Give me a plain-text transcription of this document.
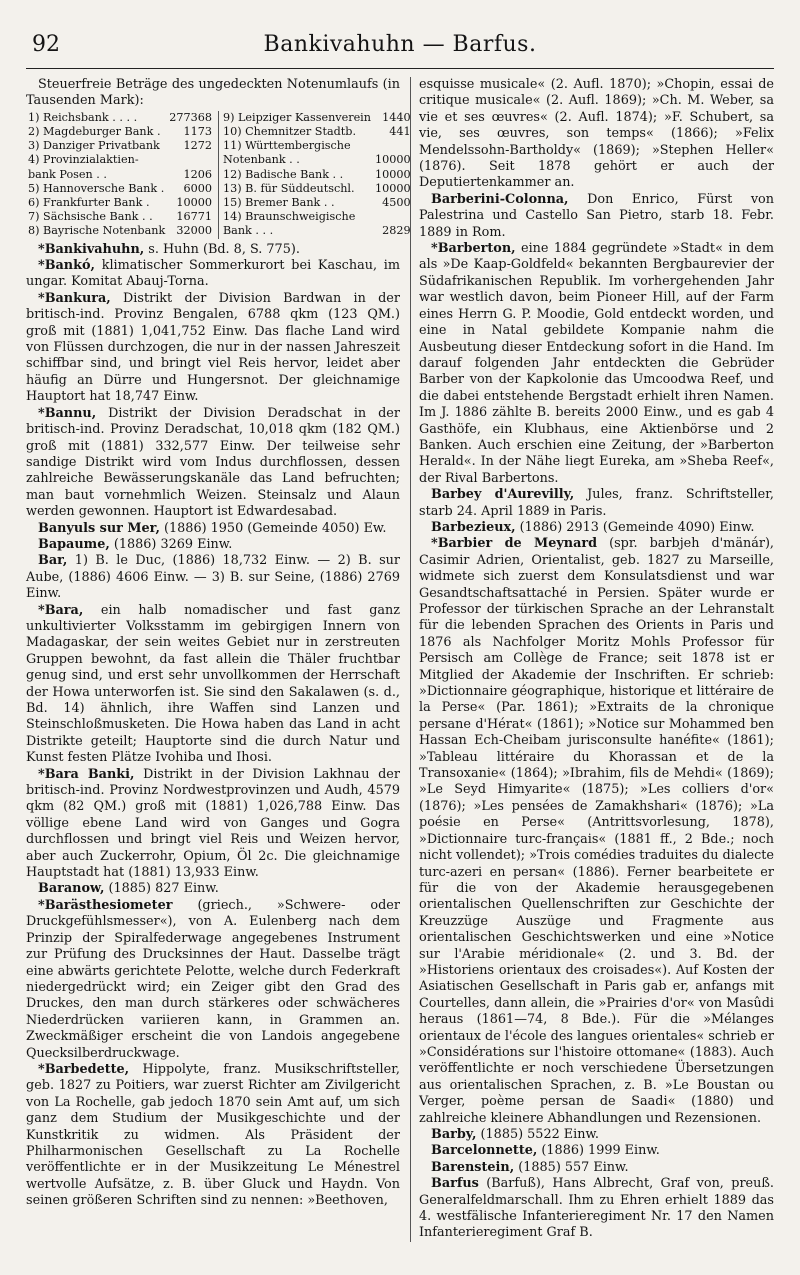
92	Bankivahuhn — Barfus.

Steuerfreie Beträge des ungedeckten Notenumlaufs (in Tausenden Mark):

1) Reichsbank . . . .	277368	9) Leipziger Kassenverein	1440
2) Magdeburger Bank .	1173	10) Chemnitzer Stadtb.	441
3) Danziger Privatbank	1272	11) Württembergische	
4) Provinzialaktien-		Notenbank . .	10000
bank Posen . .	1206	12) Badische Bank . .	10000
5) Hannoversche Bank .	6000	13) B. für Süddeutschl.	10000
6) Frankfurter Bank .	10000	15) Bremer Bank . .	4500
7) Sächsische Bank . .	16771	14) Braunschweigische	
8) Bayrische Notenbank	32000	Bank . . .	2829

*Bankivahuhn, s. Huhn (Bd. 8, S. 775).

*Bankó, klimatischer Sommerkurort bei Kaschau, im ungar. Komitat Abauj-Torna.

*Bankura, Distrikt der Division Bardwan in der britisch-ind. Provinz Bengalen, 6788 qkm (123 QM.) groß mit (1881) 1,041,752 Einw. Das flache Land wird von Flüssen durchzogen, die nur in der nassen Jahreszeit schiffbar sind, und bringt viel Reis hervor, leidet aber häufig an Dürre und Hungersnot. Der gleichnamige Hauptort hat 18,747 Einw.

*Bannu, Distrikt der Division Deradschat in der britisch-ind. Provinz Deradschat, 10,018 qkm (182 QM.) groß mit (1881) 332,577 Einw. Der teilweise sehr sandige Distrikt wird vom Indus durchflossen, dessen zahlreiche Bewässerungskanäle das Land befruchten; man baut vornehmlich Weizen. Steinsalz und Alaun werden gewonnen. Hauptort ist Edwardesabad.

Banyuls sur Mer, (1886) 1950 (Gemeinde 4050) Ew.

Bapaume, (1886) 3269 Einw.

Bar, 1) B. le Duc, (1886) 18,732 Einw. — 2) B. sur Aube, (1886) 4606 Einw. — 3) B. sur Seine, (1886) 2769 Einw.

*Bara, ein halb nomadischer und fast ganz unkultivierter Volksstamm im gebirgigen Innern von Madagaskar, der sein weites Gebiet nur in zerstreuten Gruppen bewohnt, da fast allein die Thäler fruchtbar genug sind, und erst sehr unvollkommen der Herrschaft der Howa unterworfen ist. Sie sind den Sakalawen (s. d., Bd. 14) ähnlich, ihre Waffen sind Lanzen und Steinschloßmusketen. Die Howa haben das Land in acht Distrikte geteilt; Hauptorte sind die durch Natur und Kunst festen Plätze Ivohiba und Ihosi.

*Bara Banki, Distrikt in der Division Lakhnau der britisch-ind. Provinz Nordwestprovinzen und Audh, 4579 qkm (82 QM.) groß mit (1881) 1,026,788 Einw. Das völlige ebene Land wird von Ganges und Gogra durchflossen und bringt viel Reis und Weizen hervor, aber auch Zuckerrohr, Opium, Öl 2c. Die gleichnamige Hauptstadt hat (1881) 13,933 Einw.

Baranow, (1885) 827 Einw.

*Barästhesiometer (griech., »Schwere- oder Druckgefühlsmesser«), von A. Eulenberg nach dem Prinzip der Spiralfederwage angegebenes Instrument zur Prüfung des Drucksinnes der Haut. Dasselbe trägt eine abwärts gerichtete Pelotte, welche durch Federkraft niedergedrückt wird; ein Zeiger gibt den Grad des Druckes, den man durch stärkeres oder schwächeres Niederdrücken variieren kann, in Grammen an. Zweckmäßiger erscheint die von Landois angegebene Quecksilberdruckwage.

*Barbedette, Hippolyte, franz. Musikschriftsteller, geb. 1827 zu Poitiers, war zuerst Richter am Zivilgericht von La Rochelle, gab jedoch 1870 sein Amt auf, um sich ganz dem Studium der Musikgeschichte und der Kunstkritik zu widmen. Als Präsident der Philharmonischen Gesellschaft zu La Rochelle veröffentlichte er in der Musikzeitung Le Ménestrel wertvolle Aufsätze, z. B. über Gluck und Haydn. Von seinen größeren Schriften sind zu nennen: »Beethoven,

esquisse musicale« (2. Aufl. 1870); »Chopin, essai de critique musicale« (2. Aufl. 1869); »Ch. M. Weber, sa vie et ses œuvres« (2. Aufl. 1874); »F. Schubert, sa vie, ses œuvres, son temps« (1866); »Felix Mendelssohn-Bartholdy« (1869); »Stephen Heller« (1876). Seit 1878 gehört er auch der Deputiertenkammer an.

Barberini-Colonna, Don Enrico, Fürst von Palestrina und Castello San Pietro, starb 18. Febr. 1889 in Rom.

*Barberton, eine 1884 gegründete »Stadt« in dem als »De Kaap-Goldfeld« bekannten Bergbaurevier der Südafrikanischen Republik. Im vorhergehenden Jahr war westlich davon, beim Pioneer Hill, auf der Farm eines Herrn G. P. Moodie, Gold entdeckt worden, und eine in Natal gebildete Kompanie nahm die Ausbeutung dieser Entdeckung sofort in die Hand. Im darauf folgenden Jahr entdeckten die Gebrüder Barber von der Kapkolonie das Umcoodwa Reef, und die dabei entstehende Bergstadt erhielt ihren Namen. Im J. 1886 zählte B. bereits 2000 Einw., und es gab 4 Gasthöfe, ein Klubhaus, eine Aktienbörse und 2 Banken. Auch erschien eine Zeitung, der »Barberton Herald«. In der Nähe liegt Eureka, am »Sheba Reef«, der Rival Barbertons.

Barbey d'Aurevilly, Jules, franz. Schriftsteller, starb 24. April 1889 in Paris.

Barbezieux, (1886) 2913 (Gemeinde 4090) Einw.

*Barbier de Meynard (spr. barbjeh d'mänár), Casimir Adrien, Orientalist, geb. 1827 zu Marseille, widmete sich zuerst dem Konsulatsdienst und war Gesandtschaftsattaché in Persien. Später wurde er Professor der türkischen Sprache an der Lehranstalt für die lebenden Sprachen des Orients in Paris und 1876 als Nachfolger Moritz Mohls Professor für Persisch am Collège de France; seit 1878 ist er Mitglied der Akademie der Inschriften. Er schrieb: »Dictionnaire géographique, historique et littéraire de la Perse« (Par. 1861); »Extraits de la chronique persane d'Hérat« (1861); »Notice sur Mohammed ben Hassan Ech-Cheibam jurisconsulte hanéfite« (1861); »Tableau littéraire du Khorassan et de la Transoxanie« (1864); »Ibrahim, fils de Mehdi« (1869); »Le Seyd Himyarite« (1875); »Les colliers d'or« (1876); »Les pensées de Zamakhshari« (1876); »La poésie en Perse« (Antrittsvorlesung, 1878), »Dictionnaire turc-français« (1881 ff., 2 Bde.; noch nicht vollendet); »Trois comédies traduites du dialecte turc-azeri en persan« (1886). Ferner bearbeitete er für die von der Akademie herausgegebenen orientalischen Quellenschriften zur Geschichte der Kreuzzüge Auszüge und Fragmente aus orientalischen Geschichtswerken und eine »Notice sur l'Arabie méridionale« (2. und 3. Bd. der »Historiens orientaux des croisades«). Auf Kosten der Asiatischen Gesellschaft in Paris gab er, anfangs mit Courtelles, dann allein, die »Prairies d'or« von Masûdi heraus (1861—74, 8 Bde.). Für die »Mélanges orientaux de l'école des langues orientales« schrieb er »Considérations sur l'histoire ottomane« (1883). Auch veröffentlichte er noch verschiedene Übersetzungen aus orientalischen Sprachen, z. B. »Le Boustan ou Verger, poème persan de Saadi« (1880) und zahlreiche kleinere Abhandlungen und Rezensionen.

Barby, (1885) 5522 Einw.

Barcelonnette, (1886) 1999 Einw.

Barenstein, (1885) 557 Einw.

Barfus (Barfuß), Hans Albrecht, Graf von, preuß. Generalfeldmarschall. Ihm zu Ehren erhielt 1889 das 4. westfälische Infanterieregiment Nr. 17 den Namen Infanterieregiment Graf B.
